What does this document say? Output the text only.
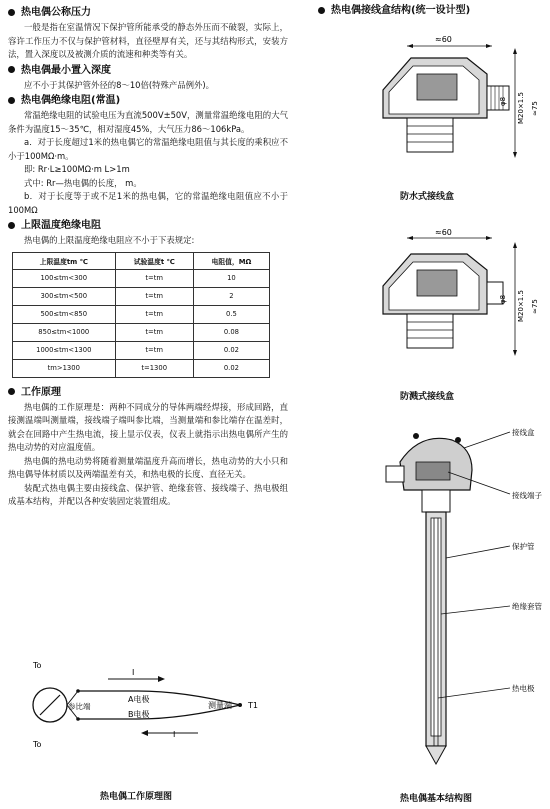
热电偶公称压力

一般是指在室温情况下保护管所能承受的静态外压而不破裂，实际上，容许工作压力不仅与保护管材料，直径壁厚有关，还与其结构形式，安装方法，置入深度以及被测介质的流速和种类等有关。

热电偶最小置入深度

应不小于其保护管外径的8～10倍(特殊产品例外)。

热电偶绝缘电阻(常温)

常温绝缘电阻的试验电压为直流500V±50V，测量常温绝缘电阻的大气条件为温度15～35℃，相对湿度45%，大气压力86～106kPa。

a．对于长度超过1米的热电偶它的常温绝缘电阻值与其长度的乘积应不小于100MΩ·m。

即: Rr·L≥100MΩ·m L>1m

式中: Rr—热电偶的长度， m。

b．对于长度等于或不足1米的热电偶，它的常温绝缘电阻值应不小于100MΩ

上限温度绝缘电阻

热电偶的上限温度绝缘电阻应不小于下表规定:

上限温度tm ℃	试验温度t ℃	电阻值，MΩ
100≤tm<300	t=tm	10
300≤tm<500	t=tm	2
500≤tm<850	t=tm	0.5
850≤tm<1000	t=tm	0.08
1000≤tm<1300	t=tm	0.02
tm>1300	t=1300	0.02
工作原理

热电偶的工作原理是：两种不同成分的导体两端经焊接，形成回路，直接测温端叫测量端，接线端子端叫参比端，当测量端和参比端存在温差时，就会在回路中产生热电流，接上显示仪表，仪表上就指示出热电偶所产生的热电动势的对应温度值。

热电偶的热电动势将随着测量端温度升高而增长，热电动势的大小只和热电偶导体材质以及两端温差有关，和热电极的长度、直径无关。

装配式热电偶主要由接线盒、保护管、绝缘套管、接线端子、热电极组成基本结构，并配以各种安装固定装置组成。

To
To
参比端
I
I
A电极
B电极
测量端 T1
热电偶工作原理图
热电偶接线盒结构(统一设计型)
≈60
φ8 M20×1.5 ≈75
防水式接线盒
≈60
φ8 M20×1.5 ≈75
防溅式接线盒
接线盒
接线端子
保护管
绝缘套管
热电极
热电偶基本结构图
